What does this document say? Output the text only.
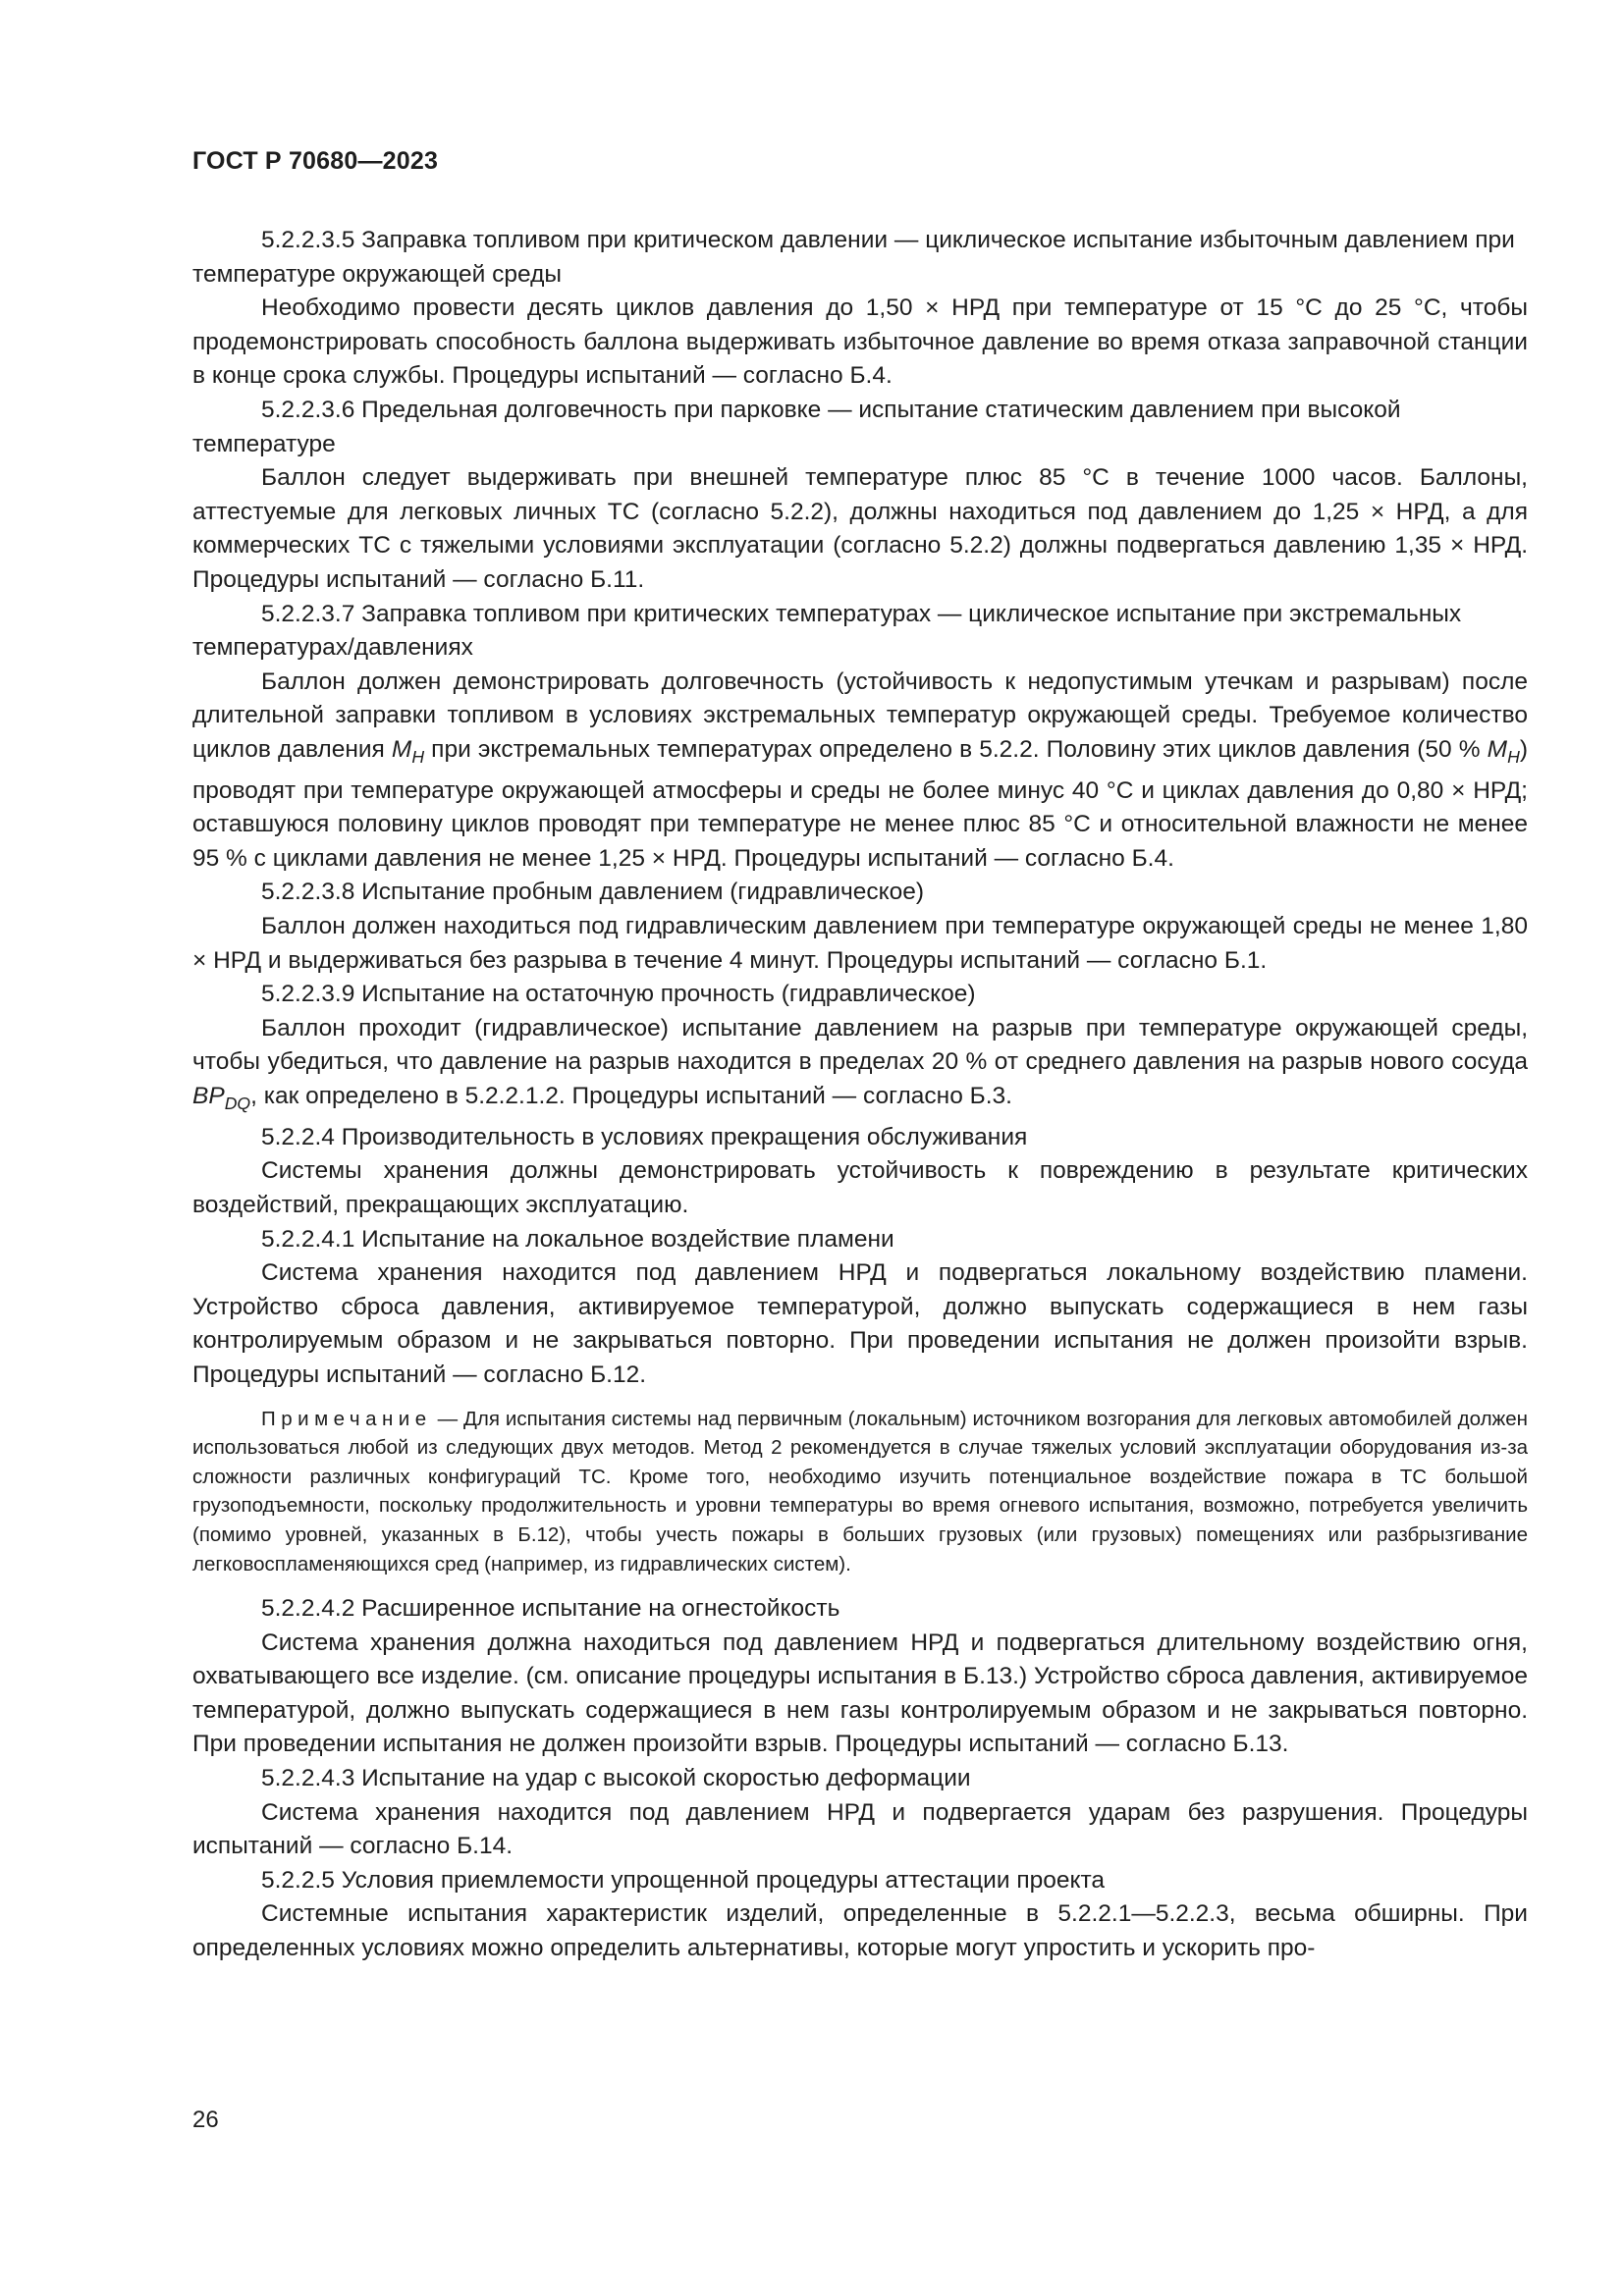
ГОСТ Р 70680—2023

5.2.2.3.5 Заправка топливом при критическом давлении — циклическое испытание избыточным давлением при температуре окружающей среды

Необходимо провести десять циклов давления до 1,50 × НРД при температуре от 15 °С до 25 °С, чтобы продемонстрировать способность баллона выдерживать избыточное давление во время отказа заправочной станции в конце срока службы. Процедуры испытаний — согласно Б.4.

5.2.2.3.6 Предельная долговечность при парковке — испытание статическим давлением при высокой температуре

Баллон следует выдерживать при внешней температуре плюс 85 °С в течение 1000 часов. Баллоны, аттестуемые для легковых личных ТС (согласно 5.2.2), должны находиться под давлением до 1,25 × НРД, а для коммерческих ТС с тяжелыми условиями эксплуатации (согласно 5.2.2) должны подвергаться давлению 1,35 × НРД. Процедуры испытаний — согласно Б.11.

5.2.2.3.7 Заправка топливом при критических температурах — циклическое испытание при экстремальных температурах/давлениях

Баллон должен демонстрировать долговечность (устойчивость к недопустимым утечкам и разрывам) после длительной заправки топливом в условиях экстремальных температур окружающей среды. Требуемое количество циклов давления $M_H$ при экстремальных температурах определено в 5.2.2. Половину этих циклов давления (50 % $M_H$) проводят при температуре окружающей атмосферы и среды не более минус 40 °С и циклах давления до 0,80 × НРД; оставшуюся половину циклов проводят при температуре не менее плюс 85 °С и относительной влажности не менее 95 % с циклами давления не менее 1,25 × НРД. Процедуры испытаний — согласно Б.4.

5.2.2.3.8 Испытание пробным давлением (гидравлическое)

Баллон должен находиться под гидравлическим давлением при температуре окружающей среды не менее 1,80 × НРД и выдерживаться без разрыва в течение 4 минут. Процедуры испытаний — согласно Б.1.

5.2.2.3.9 Испытание на остаточную прочность (гидравлическое)

Баллон проходит (гидравлическое) испытание давлением на разрыв при температуре окружающей среды, чтобы убедиться, что давление на разрыв находится в пределах 20 % от среднего давления на разрыв нового сосуда $BP_{DQ}$, как определено в 5.2.2.1.2. Процедуры испытаний — согласно Б.3.

5.2.2.4 Производительность в условиях прекращения обслуживания

Системы хранения должны демонстрировать устойчивость к повреждению в результате критических воздействий, прекращающих эксплуатацию.

5.2.2.4.1 Испытание на локальное воздействие пламени

Система хранения находится под давлением НРД и подвергаться локальному воздействию пламени. Устройство сброса давления, активируемое температурой, должно выпускать содержащиеся в нем газы контролируемым образом и не закрываться повторно. При проведении испытания не должен произойти взрыв. Процедуры испытаний — согласно Б.12.

Примечание — Для испытания системы над первичным (локальным) источником возгорания для легковых автомобилей должен использоваться любой из следующих двух методов. Метод 2 рекомендуется в случае тяжелых условий эксплуатации оборудования из-за сложности различных конфигураций ТС. Кроме того, необходимо изучить потенциальное воздействие пожара в ТС большой грузоподъемности, поскольку продолжительность и уровни температуры во время огневого испытания, возможно, потребуется увеличить (помимо уровней, указанных в Б.12), чтобы учесть пожары в больших грузовых (или грузовых) помещениях или разбрызгивание легковоспламеняющихся сред (например, из гидравлических систем).

5.2.2.4.2 Расширенное испытание на огнестойкость

Система хранения должна находиться под давлением НРД и подвергаться длительному воздействию огня, охватывающего все изделие. (см. описание процедуры испытания в Б.13.) Устройство сброса давления, активируемое температурой, должно выпускать содержащиеся в нем газы контролируемым образом и не закрываться повторно. При проведении испытания не должен произойти взрыв. Процедуры испытаний — согласно Б.13.

5.2.2.4.3 Испытание на удар с высокой скоростью деформации

Система хранения находится под давлением НРД и подвергается ударам без разрушения. Процедуры испытаний — согласно Б.14.

5.2.2.5 Условия приемлемости упрощенной процедуры аттестации проекта

Системные испытания характеристик изделий, определенные в 5.2.2.1—5.2.2.3, весьма обширны. При определенных условиях можно определить альтернативы, которые могут упростить и ускорить про-

26
